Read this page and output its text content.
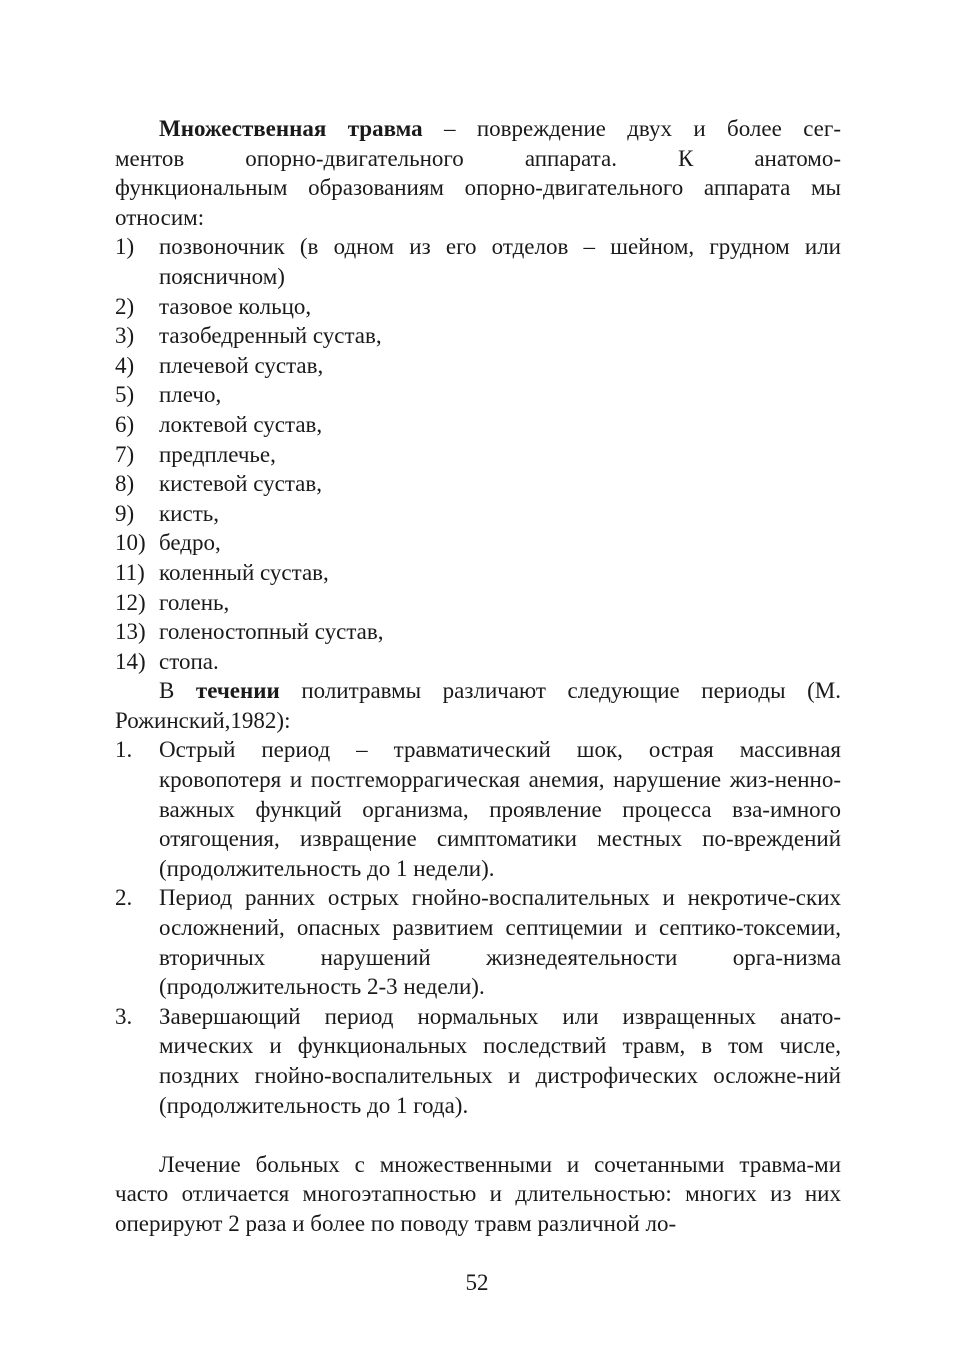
Множественная травма – повреждение двух и более сег-

ментов опорно-двигательного аппарата. К анатомо-

функциональным образованиям опорно-двигательного аппарата мы относим:

1)	позвоночник (в одном из его отделов – шейном, грудном или поясничном)
2)	тазовое кольцо,
3)	тазобедренный сустав,
4)	плечевой сустав,
5)	плечо,
6)	локтевой сустав,
7)	предплечье,
8)	кистевой сустав,
9)	кисть,
10) бедро,
11) коленный сустав,
12) голень,
13) голеностопный сустав,
14) стопа.

В течении политравмы различают следующие периоды (М. Рожинский,1982):

1.	Острый период – травматический шок, острая массивная кровопотеря и постгеморрагическая анемия, нарушение жиз-ненно-важных функций организма, проявление процесса вза-имного отягощения, извращение симптоматики местных по-вреждений (продолжительность до 1 недели).
2.	Период ранних острых гнойно-воспалительных и некротиче-ских осложнений, опасных развитием септицемии и септико-токсемии, вторичных нарушений жизнедеятельности орга-низма (продолжительность 2-3 недели).
3.	Завершающий период нормальных или извращенных анато-мических и функциональных последствий травм, в том числе, поздних гнойно-воспалительных и дистрофических осложне-ний (продолжительность до 1 года).

Лечение больных с множественными и сочетанными травма-ми часто отличается многоэтапностью и длительностью: многих из них оперируют 2 раза и более по поводу травм различной ло-

52
